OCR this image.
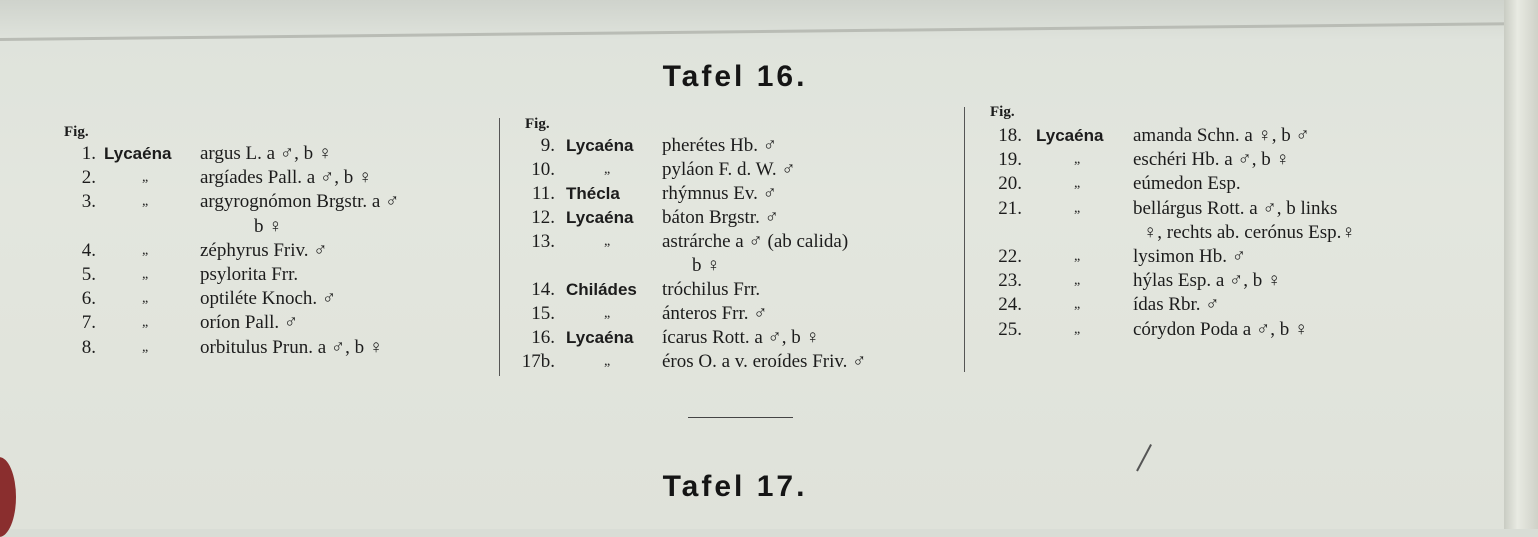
Tafel 16.
Fig.	Fig.
Fig.
1. Lycaéna argus L. a ♂, b ♀
2.	„	argíades Pall. a ♂, b ♀
3.	„	argyrognómon Brgstr. a ♂
b ♀
4.	„	zéphyrus Friv. ♂
5.	„	psylorita Frr.
6.	„	optiléte Knoch. ♂
7.	„	oríon Pall. ♂
8.	„	orbitulus Prun. a ♂, b ♀
9. Lycaéna pherétes Hb. ♂
10.	„	pyláon F. d. W. ♂
11. Thécla rhýmnus Ev. ♂
12. Lycaéna báton Brgstr. ♂
13.	„	astrárche a ♂ (ab calida)
b ♀
14. Chiládes tróchilus Frr.
15.	„	ánteros Frr. ♂
16. Lycaéna ícarus Rott. a ♂, b ♀
17b.	„	éros O. a v. eroídes Friv. ♂
18. Lycaéna amanda Schn. a ♀, b ♂
19.	„	eschéri Hb. a ♂, b ♀
20.	„	eúmedon Esp.
21.	„	bellárgus Rott. a ♂, b links
♀, rechts ab. cerónus Esp.♀
22.	„	lysimon Hb. ♂
23.	„	hýlas Esp. a ♂, b ♀
24.	„	ídas Rbr. ♂
25.	„	córydon Poda a ♂, b ♀
Tafel 17.
